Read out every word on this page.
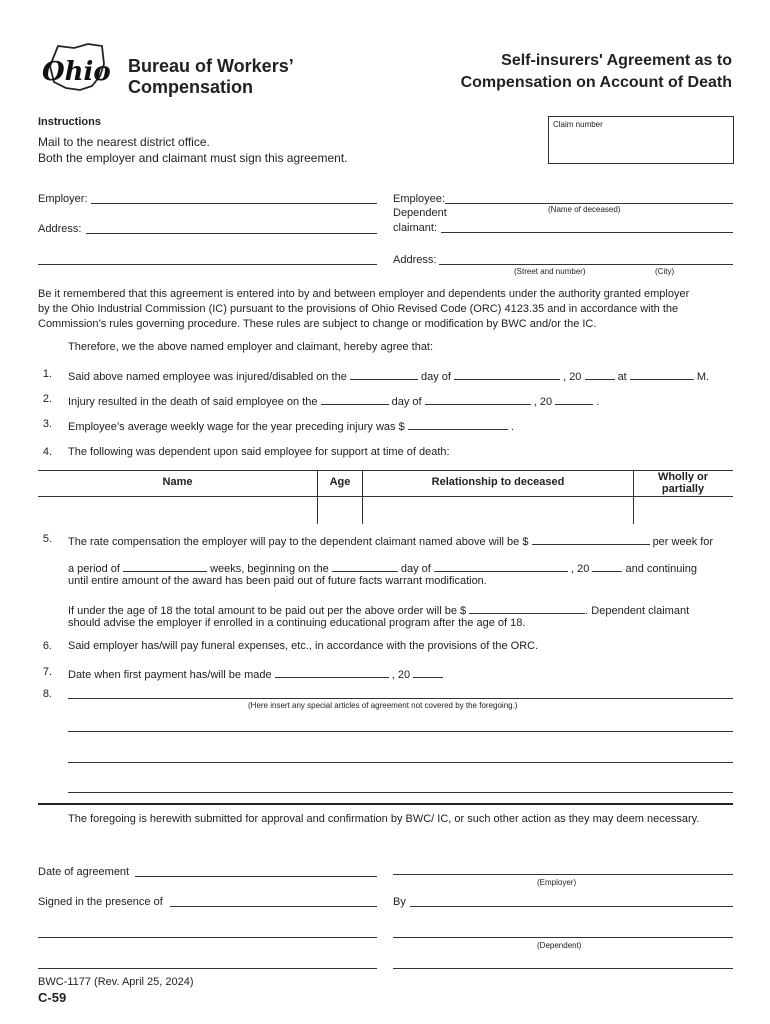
Ohio Bureau of Workers’
Compensation
Self-insurers' Agreement as to
Compensation on Account of Death
Instructions
Mail to the nearest district office.
Both the employer and claimant must sign this agreement.
Claim number
Employer:
Address:
Employee:
(Name of deceased)
Dependent
claimant:
Address:
(Street and number)	(City)
Be it remembered that this agreement is entered into by and between employer and dependents under the authority granted employer
by the Ohio Industrial Commission (IC) pursuant to the provisions of Ohio Revised Code (ORC) 4123.35 and in accordance with the
Commission’s rules governing procedure. These rules are subject to change or modification by BWC and/or the IC.
Therefore, we the above named employer and claimant, hereby agree that:
1. Said above named employee was injured/disabled on the	day of	, 20	at	M.
2. Injury resulted in the death of said employee on the	day of	, 20	.
3. Employee’s average weekly wage for the year preceding injury was $	.
4. The following was dependent upon said employee for support at time of death:
Name	Age	Relationship to deceased	Wholly or partially
5. The rate compensation the employer will pay to the dependent claimant named above will be $	per week for
a period of	weeks, beginning on the	day of	, 20	and continuing
until entire amount of the award has been paid out of future facts warrant modification.
If under the age of 18 the total amount to be paid out per the above order will be $	. Dependent claimant
should advise the employer if enrolled in a continuing educational program after the age of 18.
6. Said employer has/will pay funeral expenses, etc., in accordance with the provisions of the ORC.
7. Date when first payment has/will be made	, 20
8.
(Here insert any special articles of agreement not covered by the foregoing.)
The foregoing is herewith submitted for approval and confirmation by BWC/ IC, or such other action as they may deem necessary.
Date of agreement
(Employer)
Signed in the presence of	By
(Dependent)
BWC-1177 (Rev. April 25, 2024)
C-59
